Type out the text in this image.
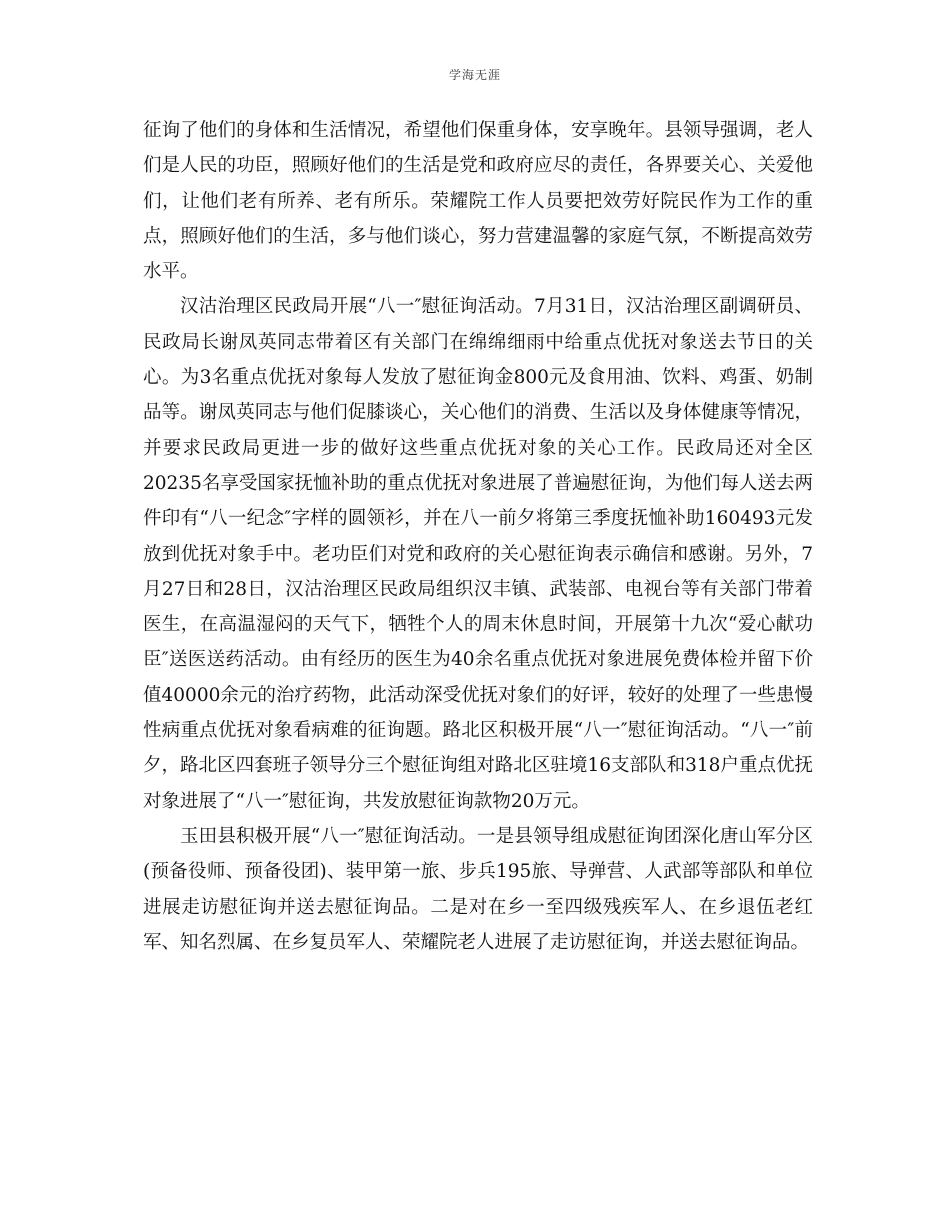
学海无涯

征询了他们的身体和生活情况，希望他们保重身体，安享晚年。县领导强调，老人们是人民的功臣，照顾好他们的生活是党和政府应尽的责任，各界要关心、关爱他们，让他们老有所养、老有所乐。荣耀院工作人员要把效劳好院民作为工作的重点，照顾好他们的生活，多与他们谈心，努力营建温馨的家庭气氛，不断提高效劳水平。

汉沽治理区民政局开展“八一″慰征询活动。7月31日，汉沽治理区副调研员、民政局长谢凤英同志带着区有关部门在绵绵细雨中给重点优抚对象送去节日的关心。为3名重点优抚对象每人发放了慰征询金800元及食用油、饮料、鸡蛋、奶制品等。谢凤英同志与他们促膝谈心，关心他们的消费、生活以及身体健康等情况，并要求民政局更进一步的做好这些重点优抚对象的关心工作。民政局还对全区20235名享受国家抚恤补助的重点优抚对象进展了普遍慰征询，为他们每人送去两件印有“八一纪念″字样的圆领衫，并在八一前夕将第三季度抚恤补助160493元发放到优抚对象手中。老功臣们对党和政府的关心慰征询表示确信和感谢。另外，7月27日和28日，汉沽治理区民政局组织汉丰镇、武装部、电视台等有关部门带着医生，在高温湿闷的天气下，牺牲个人的周末休息时间，开展第十九次“爱心献功臣″送医送药活动。由有经历的医生为40余名重点优抚对象进展免费体检并留下价值40000余元的治疗药物，此活动深受优抚对象们的好评，较好的处理了一些患慢性病重点优抚对象看病难的征询题。路北区积极开展“八一″慰征询活动。“八一″前夕，路北区四套班子领导分三个慰征询组对路北区驻境16支部队和318户重点优抚对象进展了“八一″慰征询，共发放慰征询款物20万元。

玉田县积极开展“八一″慰征询活动。一是县领导组成慰征询团深化唐山军分区(预备役师、预备役团)、装甲第一旅、步兵195旅、导弹营、人武部等部队和单位进展走访慰征询并送去慰征询品。二是对在乡一至四级残疾军人、在乡退伍老红军、知名烈属、在乡复员军人、荣耀院老人进展了走访慰征询，并送去慰征询品。
